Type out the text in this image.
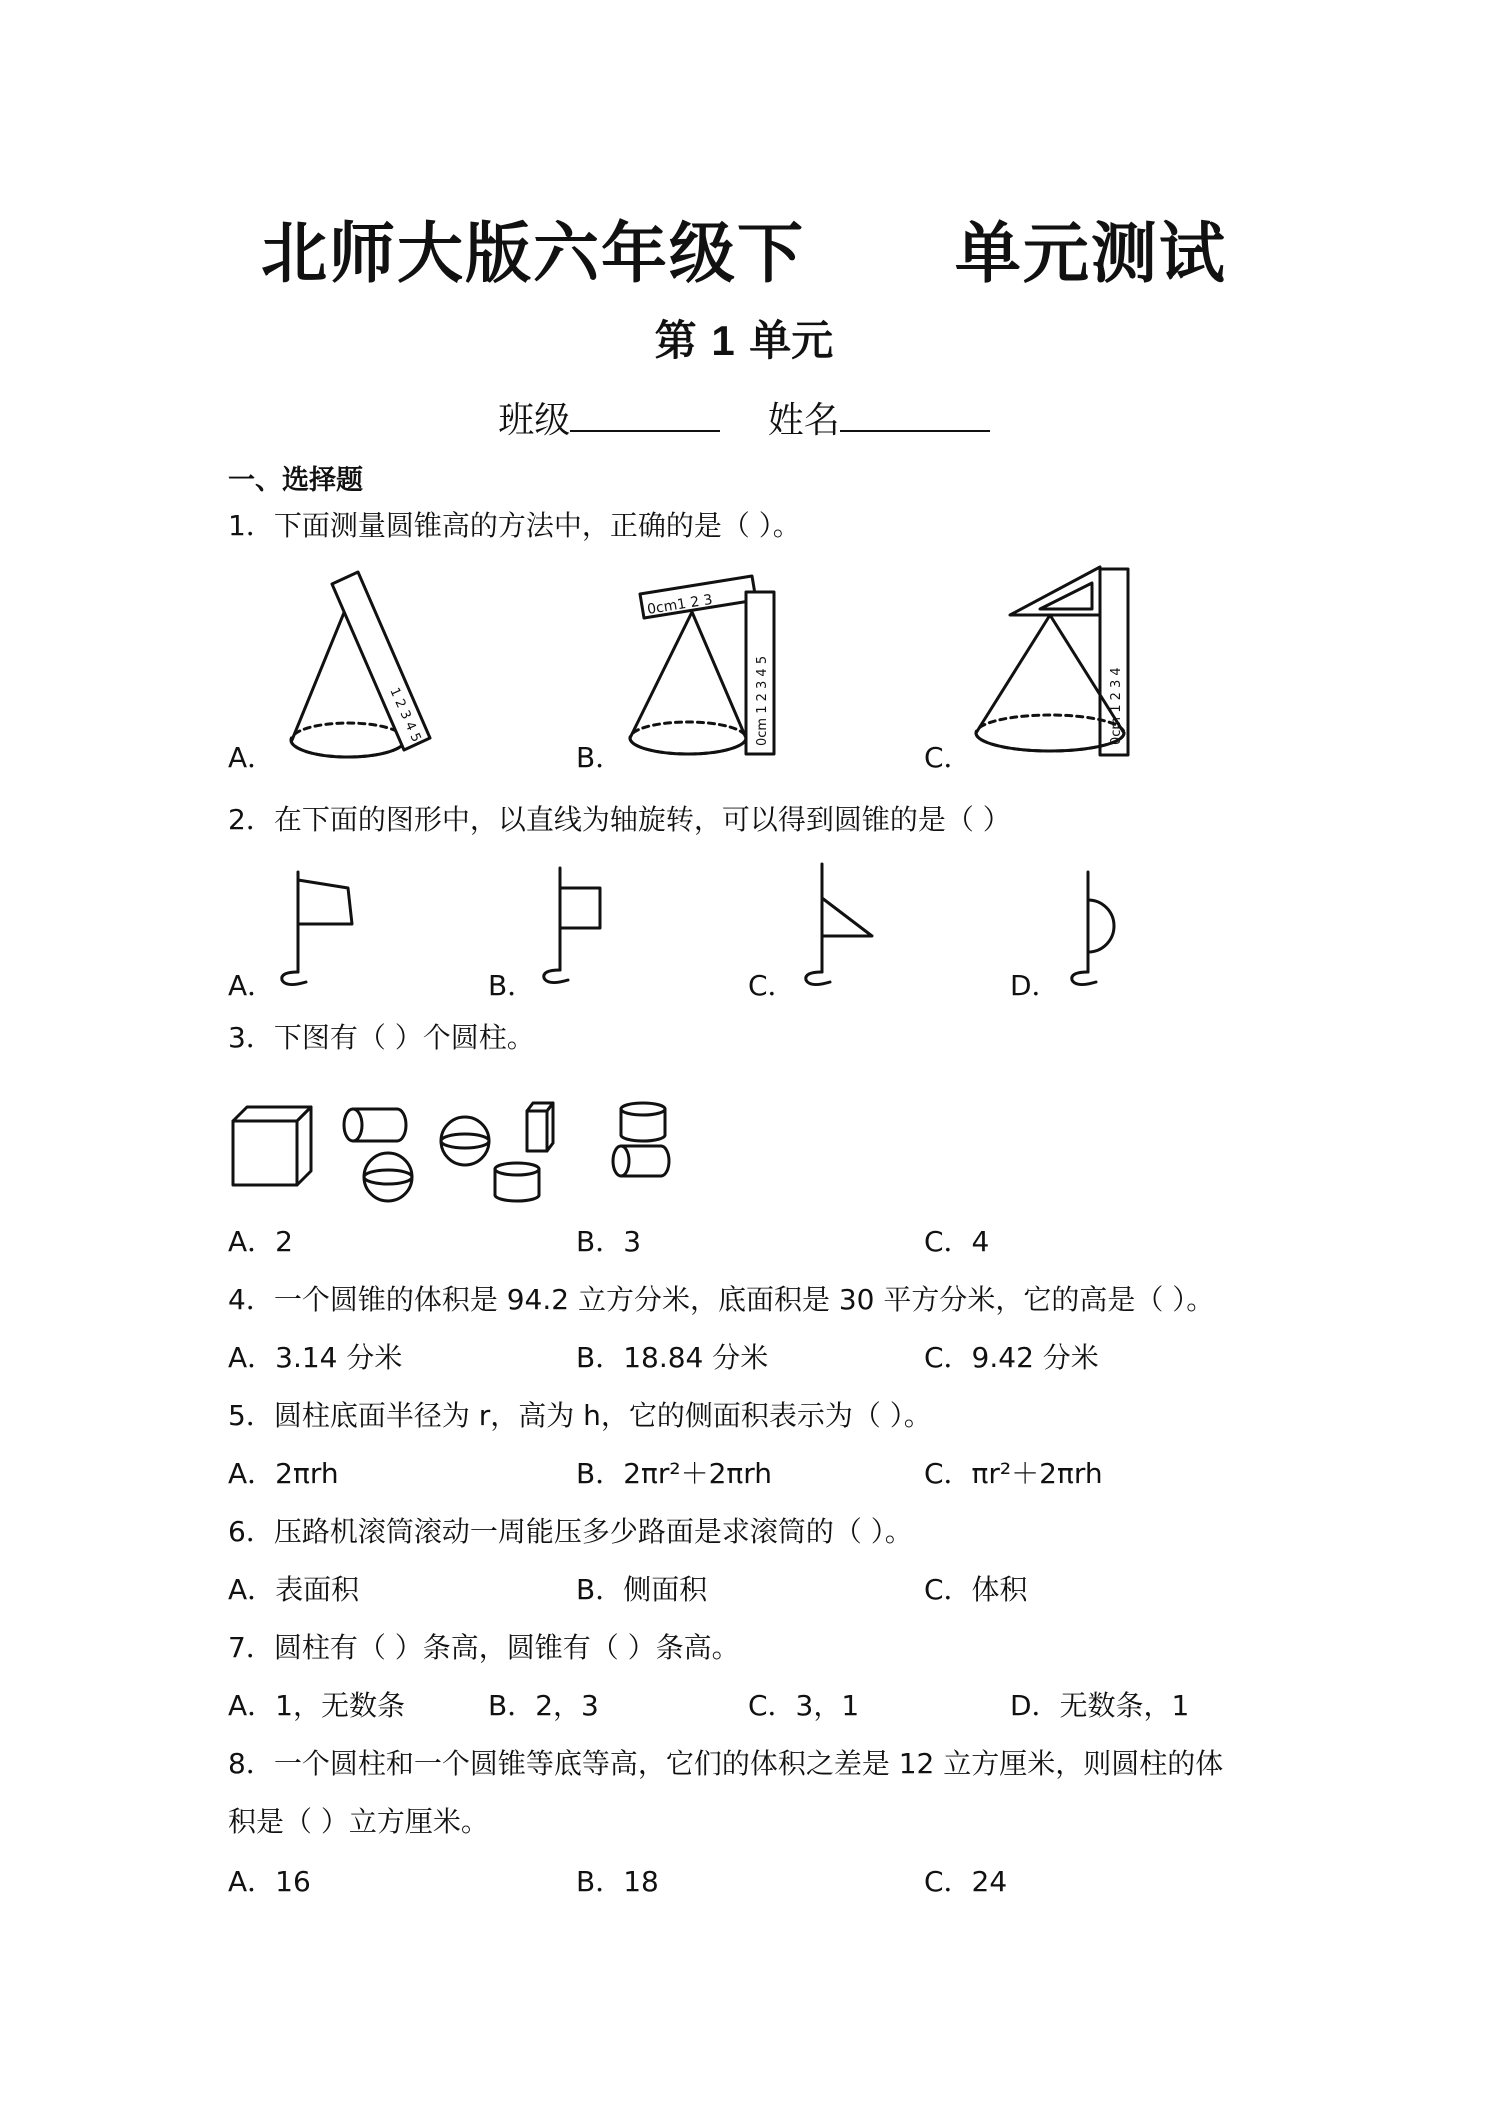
北师大版六年级下      单元测试
第 1 单元
班级	姓名
一、选择题
1．下面测量圆锥高的方法中，正确的是（ ）。
1 2 3 4 5
0cm1 2 3
0cm 1 2 3 4 5	0cm 1 2 3 4
A．	B．	C．
2．在下面的图形中，以直线为轴旋转，可以得到圆锥的是（ ）
A．	B．	C．	D．
3．下图有（ ）个圆柱。
A．2	B．3	C．4
4．一个圆锥的体积是 94.2 立方分米，底面积是 30 平方分米，它的高是（ ）。
A．3.14 分米	B．18.84 分米	C．9.42 分米
5．圆柱底面半径为 r，高为 h，它的侧面积表示为（ ）。
A．2πrh	B．2πr²＋2πrh	C．πr²＋2πrh
6．压路机滚筒滚动一周能压多少路面是求滚筒的（ ）。
A．表面积	B．侧面积	C．体积
7．圆柱有（ ）条高，圆锥有（ ）条高。
A．1，无数条	B．2，3	C．3，1	D．无数条，1
8．一个圆柱和一个圆锥等底等高，它们的体积之差是 12 立方厘米，则圆柱的体
积是（ ）立方厘米。
A．16	B．18	C．24
